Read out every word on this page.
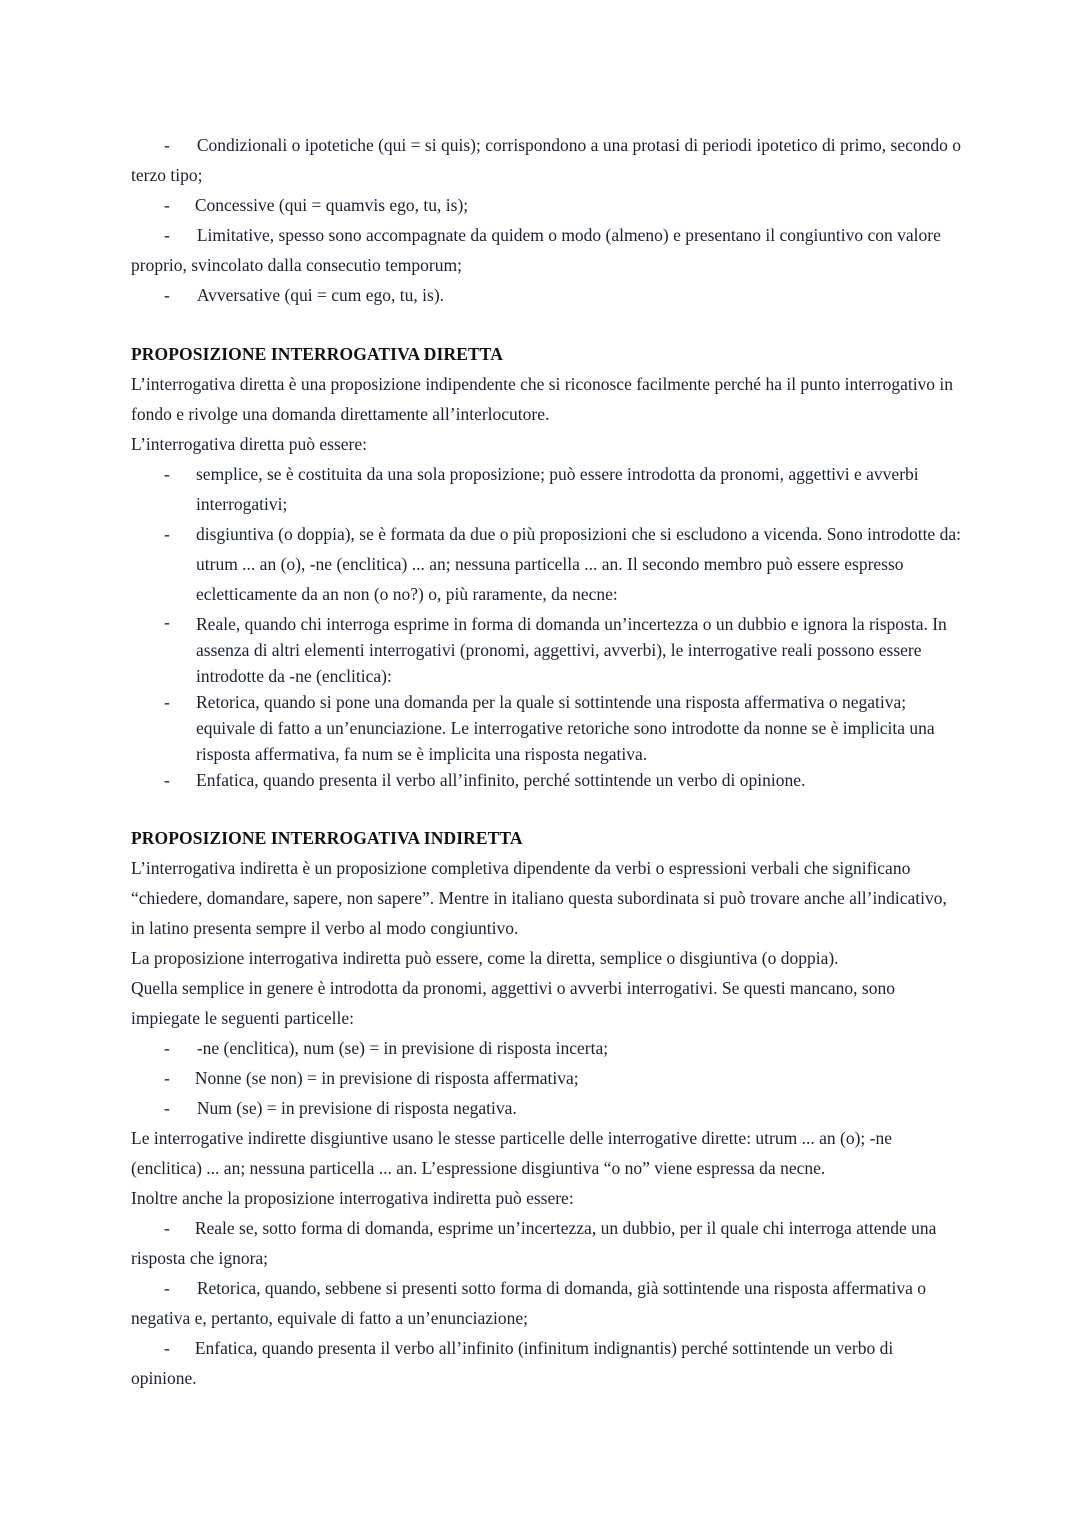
- Condizionali o ipotetiche (qui = si quis); corrispondono a una protasi di periodi ipotetico di primo, secondo o terzo tipo;

- Concessive (qui = quamvis ego, tu, is);

- Limitative, spesso sono accompagnate da quidem o modo (almeno) e presentano il congiuntivo con valore proprio, svincolato dalla consecutio temporum;

- Avversative (qui = cum ego, tu, is).

PROPOSIZIONE INTERROGATIVA DIRETTA

L’interrogativa diretta è una proposizione indipendente che si riconosce facilmente perché ha il punto interrogativo in fondo e rivolge una domanda direttamente all’interlocutore.

L’interrogativa diretta può essere:

- semplice, se è costituita da una sola proposizione; può essere introdotta da pronomi, aggettivi e avverbi interrogativi;
- disgiuntiva (o doppia), se è formata da due o più proposizioni che si escludono a vicenda. Sono introdotte da: utrum ... an (o), -ne (enclitica) ... an; nessuna particella ... an. Il secondo membro può essere espresso ecletticamente da an non (o no?) o, più raramente, da necne:
- Reale, quando chi interroga esprime in forma di domanda un’incertezza o un dubbio e ignora la risposta. In assenza di altri elementi interrogativi (pronomi, aggettivi, avverbi), le interrogative reali possono essere introdotte da -ne (enclitica):
- Retorica, quando si pone una domanda per la quale si sottintende una risposta affermativa o negativa; equivale di fatto a un’enunciazione. Le interrogative retoriche sono introdotte da nonne se è implicita una risposta affermativa, fa num se è implicita una risposta negativa.
- Enfatica, quando presenta il verbo all’infinito, perché sottintende un verbo di opinione.

PROPOSIZIONE INTERROGATIVA INDIRETTA

L’interrogativa indiretta è un proposizione completiva dipendente da verbi o espressioni verbali che significano “chiedere, domandare, sapere, non sapere”. Mentre in italiano questa subordinata si può trovare anche all’indicativo, in latino presenta sempre il verbo al modo congiuntivo.

La proposizione interrogativa indiretta può essere, come la diretta, semplice o disgiuntiva (o doppia).

Quella semplice in genere è introdotta da pronomi, aggettivi o avverbi interrogativi. Se questi mancano, sono impiegate le seguenti particelle:

- -ne (enclitica), num (se) = in previsione di risposta incerta;

- Nonne (se non) = in previsione di risposta affermativa;

- Num (se) = in previsione di risposta negativa.

Le interrogative indirette disgiuntive usano le stesse particelle delle interrogative dirette: utrum ... an (o); -ne (enclitica) ... an; nessuna particella ... an. L’espressione disgiuntiva “o no” viene espressa da necne.

Inoltre anche la proposizione interrogativa indiretta può essere:

- Reale se, sotto forma di domanda, esprime un’incertezza, un dubbio, per il quale chi interroga attende una risposta che ignora;

- Retorica, quando, sebbene si presenti sotto forma di domanda, già sottintende una risposta affermativa o negativa e, pertanto, equivale di fatto a un’enunciazione;

- Enfatica, quando presenta il verbo all’infinito (infinitum indignantis) perché sottintende un verbo di opinione.
